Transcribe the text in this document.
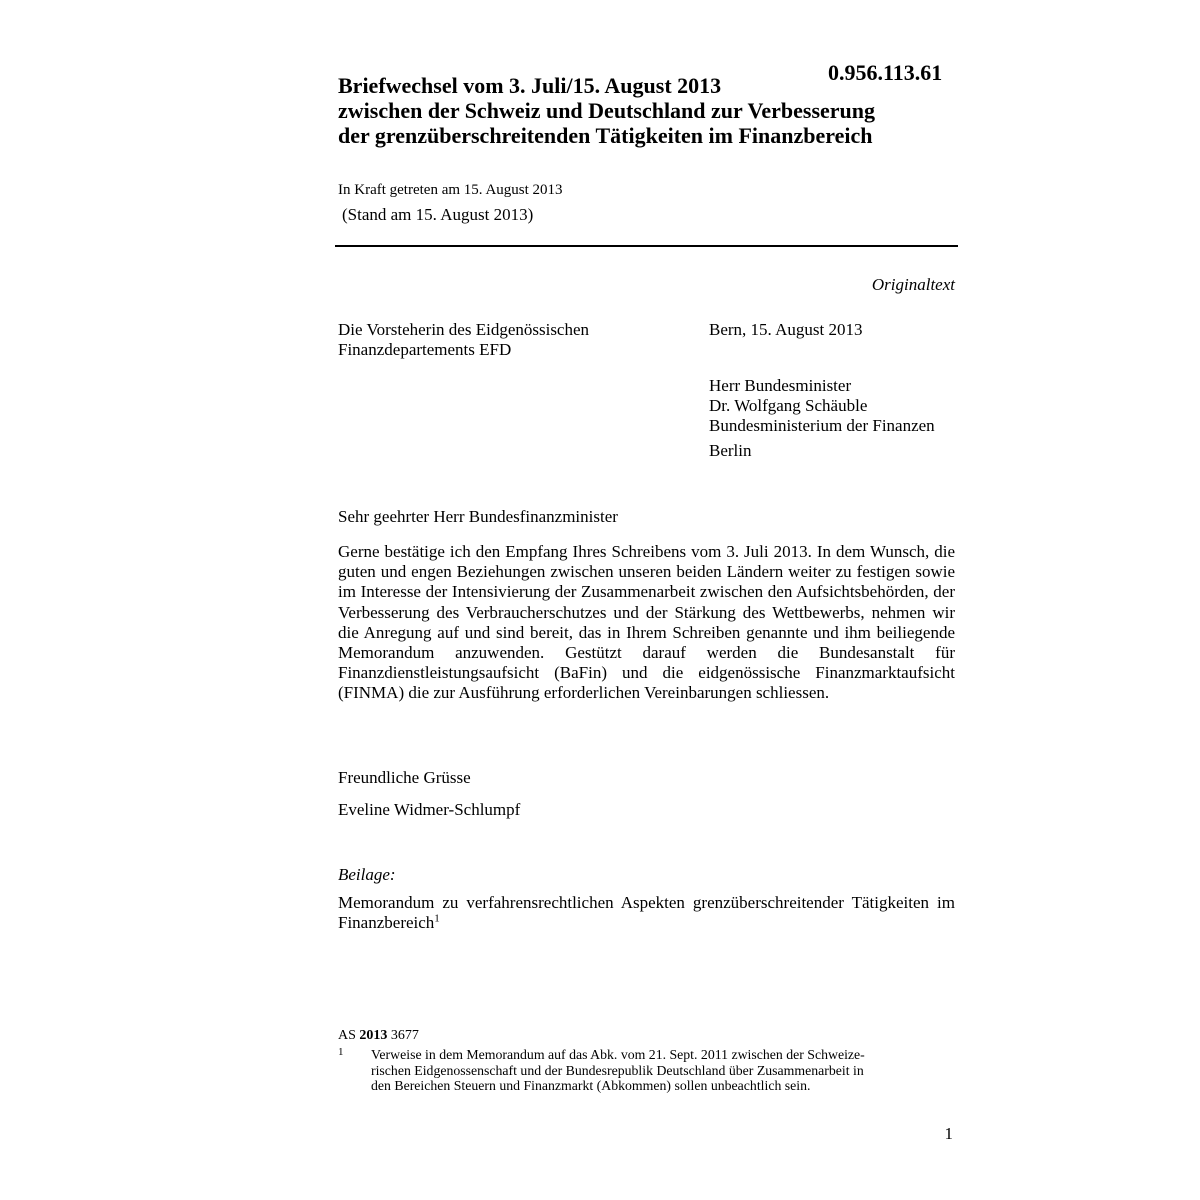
0.956.113.61
Briefwechsel vom 3. Juli/15. August 2013
zwischen der Schweiz und Deutschland zur Verbesserung
der grenzüberschreitenden Tätigkeiten im Finanzbereich
In Kraft getreten am 15. August 2013
(Stand am 15. August 2013)
Originaltext
Die Vorsteherin des Eidgenössischen
Finanzdepartements EFD
Bern, 15. August 2013
Herr Bundesminister
Dr. Wolfgang Schäuble
Bundesministerium der Finanzen
Berlin
Sehr geehrter Herr Bundesfinanzminister
Gerne bestätige ich den Empfang Ihres Schreibens vom 3. Juli 2013. In dem Wunsch, die guten und engen Beziehungen zwischen unseren beiden Ländern weiter zu festigen sowie im Interesse der Intensivierung der Zusammenarbeit zwischen den Aufsichtsbehörden, der Verbesserung des Verbraucherschutzes und der Stärkung des Wettbewerbs, nehmen wir die Anregung auf und sind bereit, das in Ihrem Schreiben genannte und ihm beiliegende Memorandum anzuwenden. Gestützt darauf werden die Bundesanstalt für Finanzdienstleistungsaufsicht (BaFin) und die eidgenössische Finanzmarktaufsicht (FINMA) die zur Ausführung erforderlichen Vereinbarungen schliessen.
Freundliche Grüsse
Eveline Widmer-Schlumpf
Beilage:
Memorandum zu verfahrensrechtlichen Aspekten grenzüberschreitender Tätigkeiten im Finanzbereich$^1$
AS 2013 3677
1 Verweise in dem Memorandum auf das Abk. vom 21. Sept. 2011 zwischen der Schweize-
rischen Eidgenossenschaft und der Bundesrepublik Deutschland über Zusammenarbeit in
den Bereichen Steuern und Finanzmarkt (Abkommen) sollen unbeachtlich sein.
1
